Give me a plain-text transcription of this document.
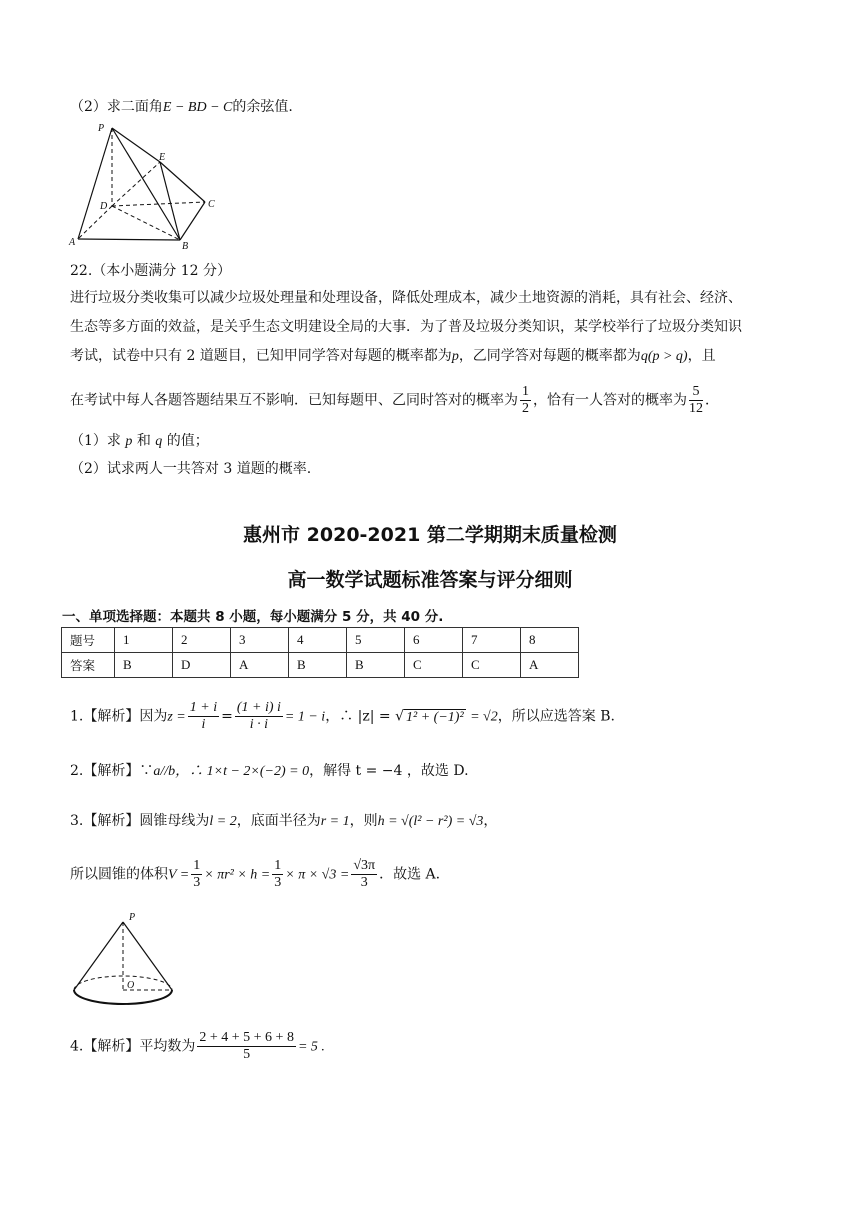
（2）求二面角E − BD − C的余弦值.
P
E
D	C
A	B
22.（本小题满分 12 分）
进行垃圾分类收集可以减少垃圾处理量和处理设备，降低处理成本，减少土地资源的消耗，具有社会、经济、
生态等多方面的效益，是关乎生态文明建设全局的大事．为了普及垃圾分类知识，某学校举行了垃圾分类知识
考试，试卷中只有 2 道题目，已知甲同学答对每题的概率都为p，乙同学答对每题的概率都为q(p > q)，且
在考试中每人各题答题结果互不影响．已知每题甲、乙同时答对的概率为 $\frac{1}{2}$ ，恰有一人答对的概率为 $\frac{5}{12}$ ．
（1）求 p 和 q 的值；
（2）试求两人一共答对 3 道题的概率.
惠州市 2020-2021 第二学期期末质量检测
高一数学试题标准答案与评分细则
一、单项选择题：本题共 8 小题，每小题满分 5 分，共 40 分.
题号	1	2	3	4	5	6	7	8
答案	B	D	A	B	B	C	C	A
1.【解析】因为$z = \frac{1 + i}{i} = \frac{(1 + i) i}{i \cdot i} = 1 - i$，∴ |z| = √ 1² + (−1)² = √2，所以应选答案 B.
2.【解析】∵a//b，∴ 1×t − 2×(−2) = 0，解得 t = −4 ，故选 D.
3.【解析】圆锥母线为l = 2，底面半径为r = 1，则h = √(l² − r²) = √3，
所以圆锥的体积$V = \frac{1}{3} \times \pi r^2 \times h = \frac{1}{3} \times \pi \times √3 = \frac{√3\pi}{3}$ ．故选 A.
P
O
4.【解析】平均数为 $\frac{2 + 4 + 5 + 6 + 8}{5} = 5$ .
